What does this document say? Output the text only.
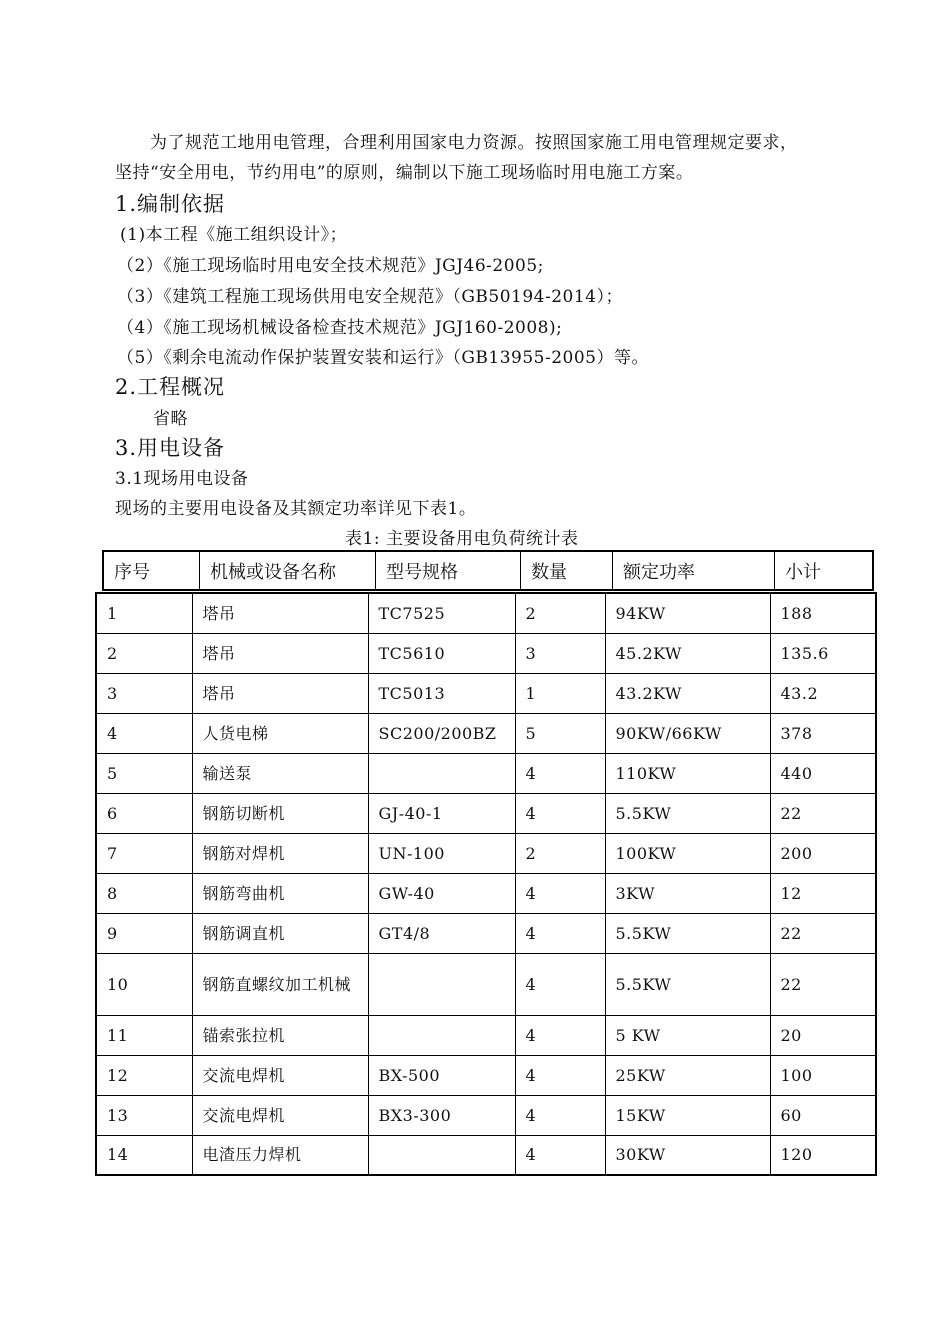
为了规范工地用电管理，合理利用国家电力资源。按照国家施工用电管理规定要求，
坚持“安全用电，节约用电”的原则，编制以下施工现场临时用电施工方案。
1.编制依据
(1)本工程《施工组织设计》；
（2）《施工现场临时用电安全技术规范》JGJ46-2005;
（3）《建筑工程施工现场供用电安全规范》（GB50194-2014）；
（4）《施工现场机械设备检查技术规范》JGJ160-2008);
（5）《剩余电流动作保护装置安装和运行》（GB13955-2005）等。
2.工程概况
省略
3.用电设备
3.1现场用电设备
现场的主要用电设备及其额定功率详见下表1。
表1: 主要设备用电负荷统计表
序号	机械或设备名称	型号规格	数量	额定功率	小计
1	塔吊	TC7525	2	94KW	188
2	塔吊	TC5610	3	45.2KW	135.6
3	塔吊	TC5013	1	43.2KW	43.2
4	人货电梯	SC200/200BZ	5	90KW/66KW	378
5	输送泵		4	110KW	440
6	钢筋切断机	GJ-40-1	4	5.5KW	22
7	钢筋对焊机	UN-100	2	100KW	200
8	钢筋弯曲机	GW-40	4	3KW	12
9	钢筋调直机	GT4/8	4	5.5KW	22
10	钢筋直螺纹加工机械		4	5.5KW	22
11	锚索张拉机		4	5 KW	20
12	交流电焊机	BX-500	4	25KW	100
13	交流电焊机	BX3-300	4	15KW	60
14	电渣压力焊机		4	30KW	120
